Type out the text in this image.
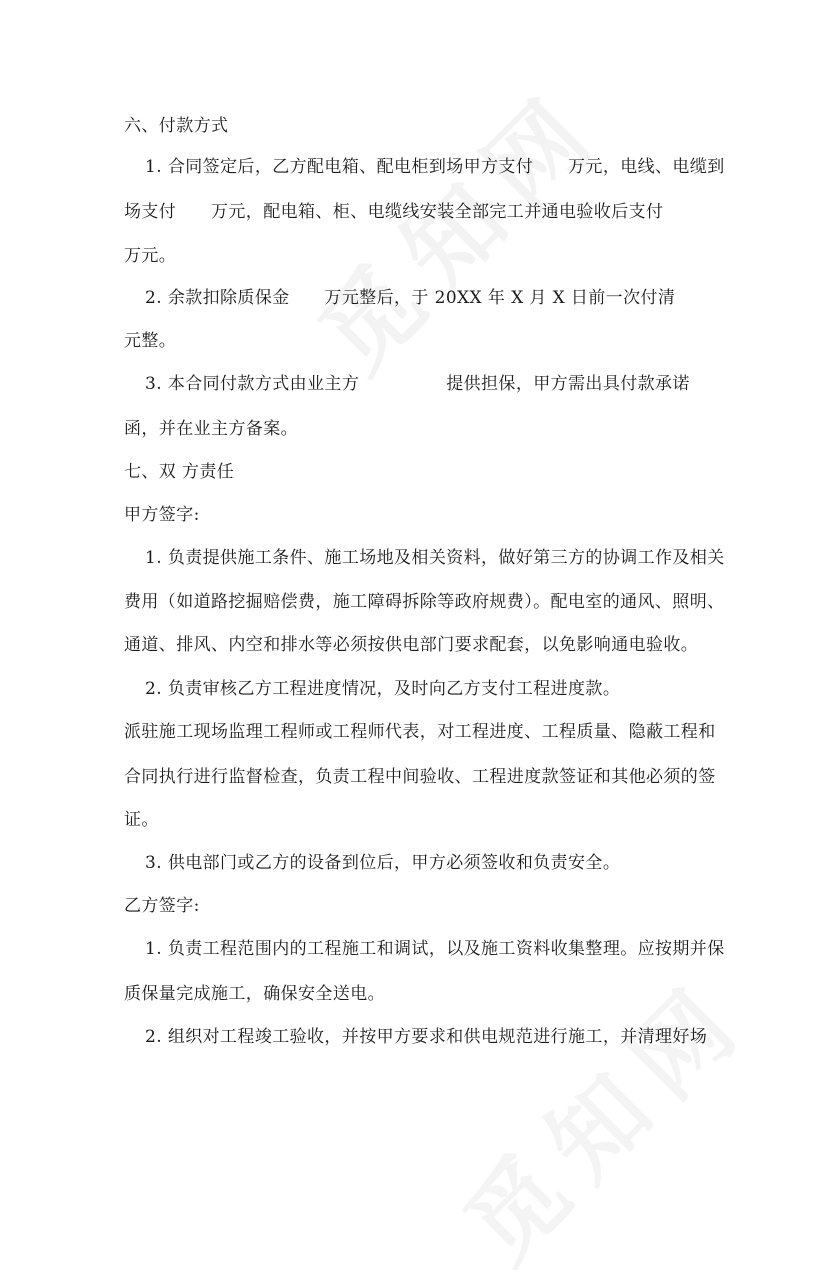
六、付款方式

1. 合同签定后，乙方配电箱、配电柜到场甲方支付　　万元，电线、电缆到

场支付　　万元，配电箱、柜、电缆线安装全部完工并通电验收后支付

万元。

2. 余款扣除质保金　　万元整后，于 20XX 年 X 月 X 日前一次付清

元整。

3. 本合同付款方式由业主方　　　　　提供担保，甲方需出具付款承诺

函，并在业主方备案。

七、双 方责任

甲方签字:

1. 负责提供施工条件、施工场地及相关资料，做好第三方的协调工作及相关

费用（如道路挖掘赔偿费，施工障碍拆除等政府规费）。配电室的通风、照明、

通道、排风、内空和排水等必须按供电部门要求配套，以免影响通电验收。

2. 负责审核乙方工程进度情况，及时向乙方支付工程进度款。

派驻施工现场监理工程师或工程师代表，对工程进度、工程质量、隐蔽工程和

合同执行进行监督检查，负责工程中间验收、工程进度款签证和其他必须的签

证。

3. 供电部门或乙方的设备到位后，甲方必须签收和负责安全。

乙方签字:

1. 负责工程范围内的工程施工和调试，以及施工资料收集整理。应按期并保

质保量完成施工，确保安全送电。

2. 组织对工程竣工验收，并按甲方要求和供电规范进行施工，并清理好场
